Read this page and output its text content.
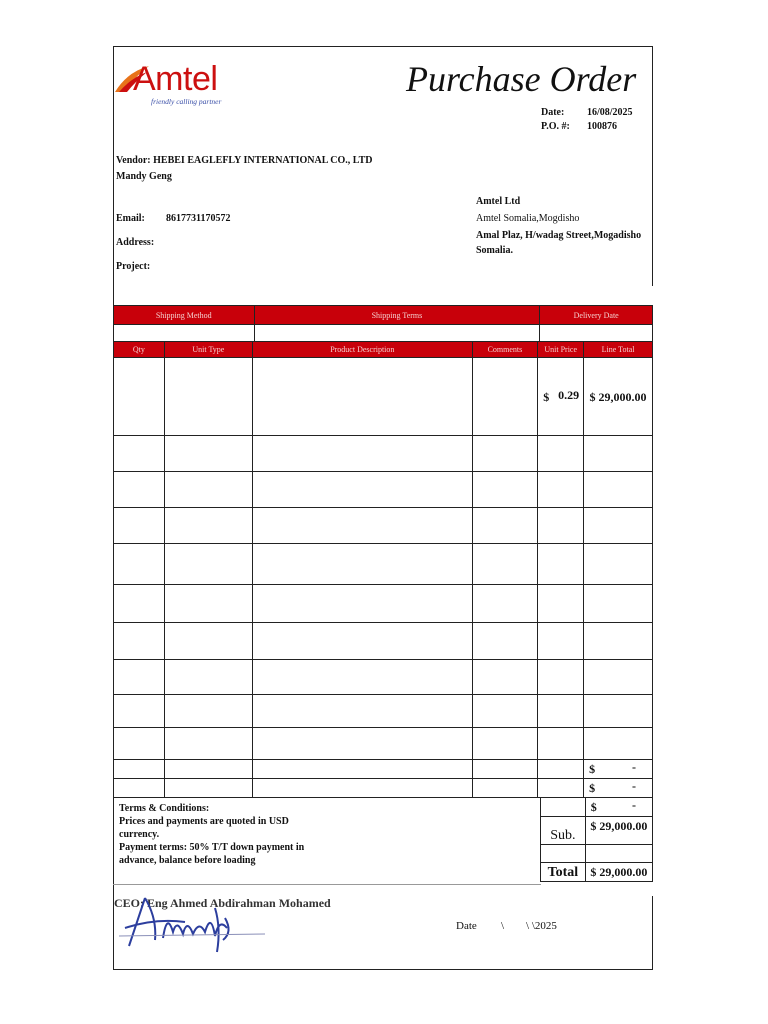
Amtel
friendly calling partner
Purchase Order
Date: 16/08/2025
P.O. #: 100876
Vendor: HEBEI EAGLEFLY INTERNATIONAL CO., LTD
Mandy Geng
Email: 8617731170572
Address:
Project:
Amtel Ltd
Amtel Somalia,Mogdisho
Amal Plaz, H/wadag Street,Mogadisho
Somalia.
Shipping Method	Shipping Terms	Delivery Date

Qty	Unit Type	Product Description	Comments	Unit Price	Line Total

				$ 0.29	$ 29,000.00

					$ -

					$ -
	$ -

Sub.	$ 29,000.00

Total	$ 29,000.00
Terms & Conditions:
Prices and payments are quoted in USD
currency.
Payment terms: 50% T/T down payment in
advance, balance before loading
CEO: Eng Ahmed Abdirahman Mohamed
Date \        \ \2025
